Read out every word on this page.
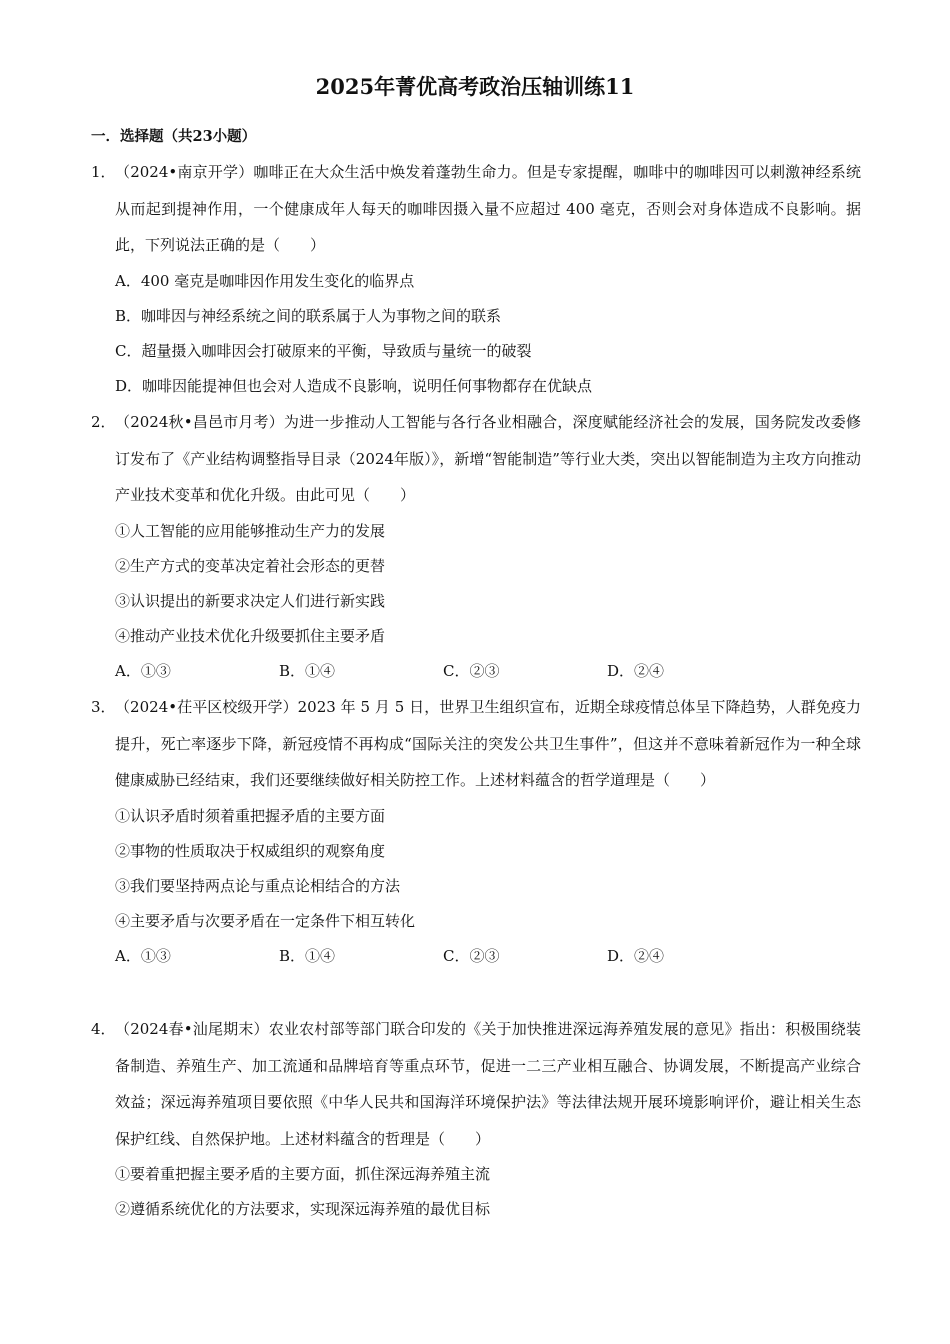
2025年菁优高考政治压轴训练11
一．选择题（共23小题）
1． （2024•南京开学）咖啡正在大众生活中焕发着蓬勃生命力。但是专家提醒，咖啡中的咖啡因可以刺激神经系统从而起到提神作用，一个健康成年人每天的咖啡因摄入量不应超过 400 毫克，否则会对身体造成不良影响。据此，下列说法正确的是（　　）
A．400 毫克是咖啡因作用发生变化的临界点
B．咖啡因与神经系统之间的联系属于人为事物之间的联系
C．超量摄入咖啡因会打破原来的平衡，导致质与量统一的破裂
D．咖啡因能提神但也会对人造成不良影响，说明任何事物都存在优缺点
2． （2024秋•昌邑市月考）为进一步推动人工智能与各行各业相融合，深度赋能经济社会的发展，国务院发改委修订发布了《产业结构调整指导目录（2024年版）》，新增“智能制造”等行业大类，突出以智能制造为主攻方向推动产业技术变革和优化升级。由此可见（　　）
①人工智能的应用能够推动生产力的发展
②生产方式的变革决定着社会形态的更替
③认识提出的新要求决定人们进行新实践
④推动产业技术优化升级要抓住主要矛盾
A．①③	B．①④	C．②③	D．②④
3． （2024•茌平区校级开学）2023 年 5 月 5 日，世界卫生组织宣布，近期全球疫情总体呈下降趋势，人群免疫力提升，死亡率逐步下降，新冠疫情不再构成“国际关注的突发公共卫生事件”，但这并不意味着新冠作为一种全球健康威胁已经结束，我们还要继续做好相关防控工作。上述材料蕴含的哲学道理是（　　）
①认识矛盾时须着重把握矛盾的主要方面
②事物的性质取决于权威组织的观察角度
③我们要坚持两点论与重点论相结合的方法
④主要矛盾与次要矛盾在一定条件下相互转化
A．①③	B．①④	C．②③	D．②④
4． （2024春•汕尾期末）农业农村部等部门联合印发的《关于加快推进深远海养殖发展的意见》指出：积极围绕装备制造、养殖生产、加工流通和品牌培育等重点环节，促进一二三产业相互融合、协调发展，不断提高产业综合效益；深远海养殖项目要依照《中华人民共和国海洋环境保护法》等法律法规开展环境影响评价，避让相关生态保护红线、自然保护地。上述材料蕴含的哲理是（　　）
①要着重把握主要矛盾的主要方面，抓住深远海养殖主流
②遵循系统优化的方法要求，实现深远海养殖的最优目标
